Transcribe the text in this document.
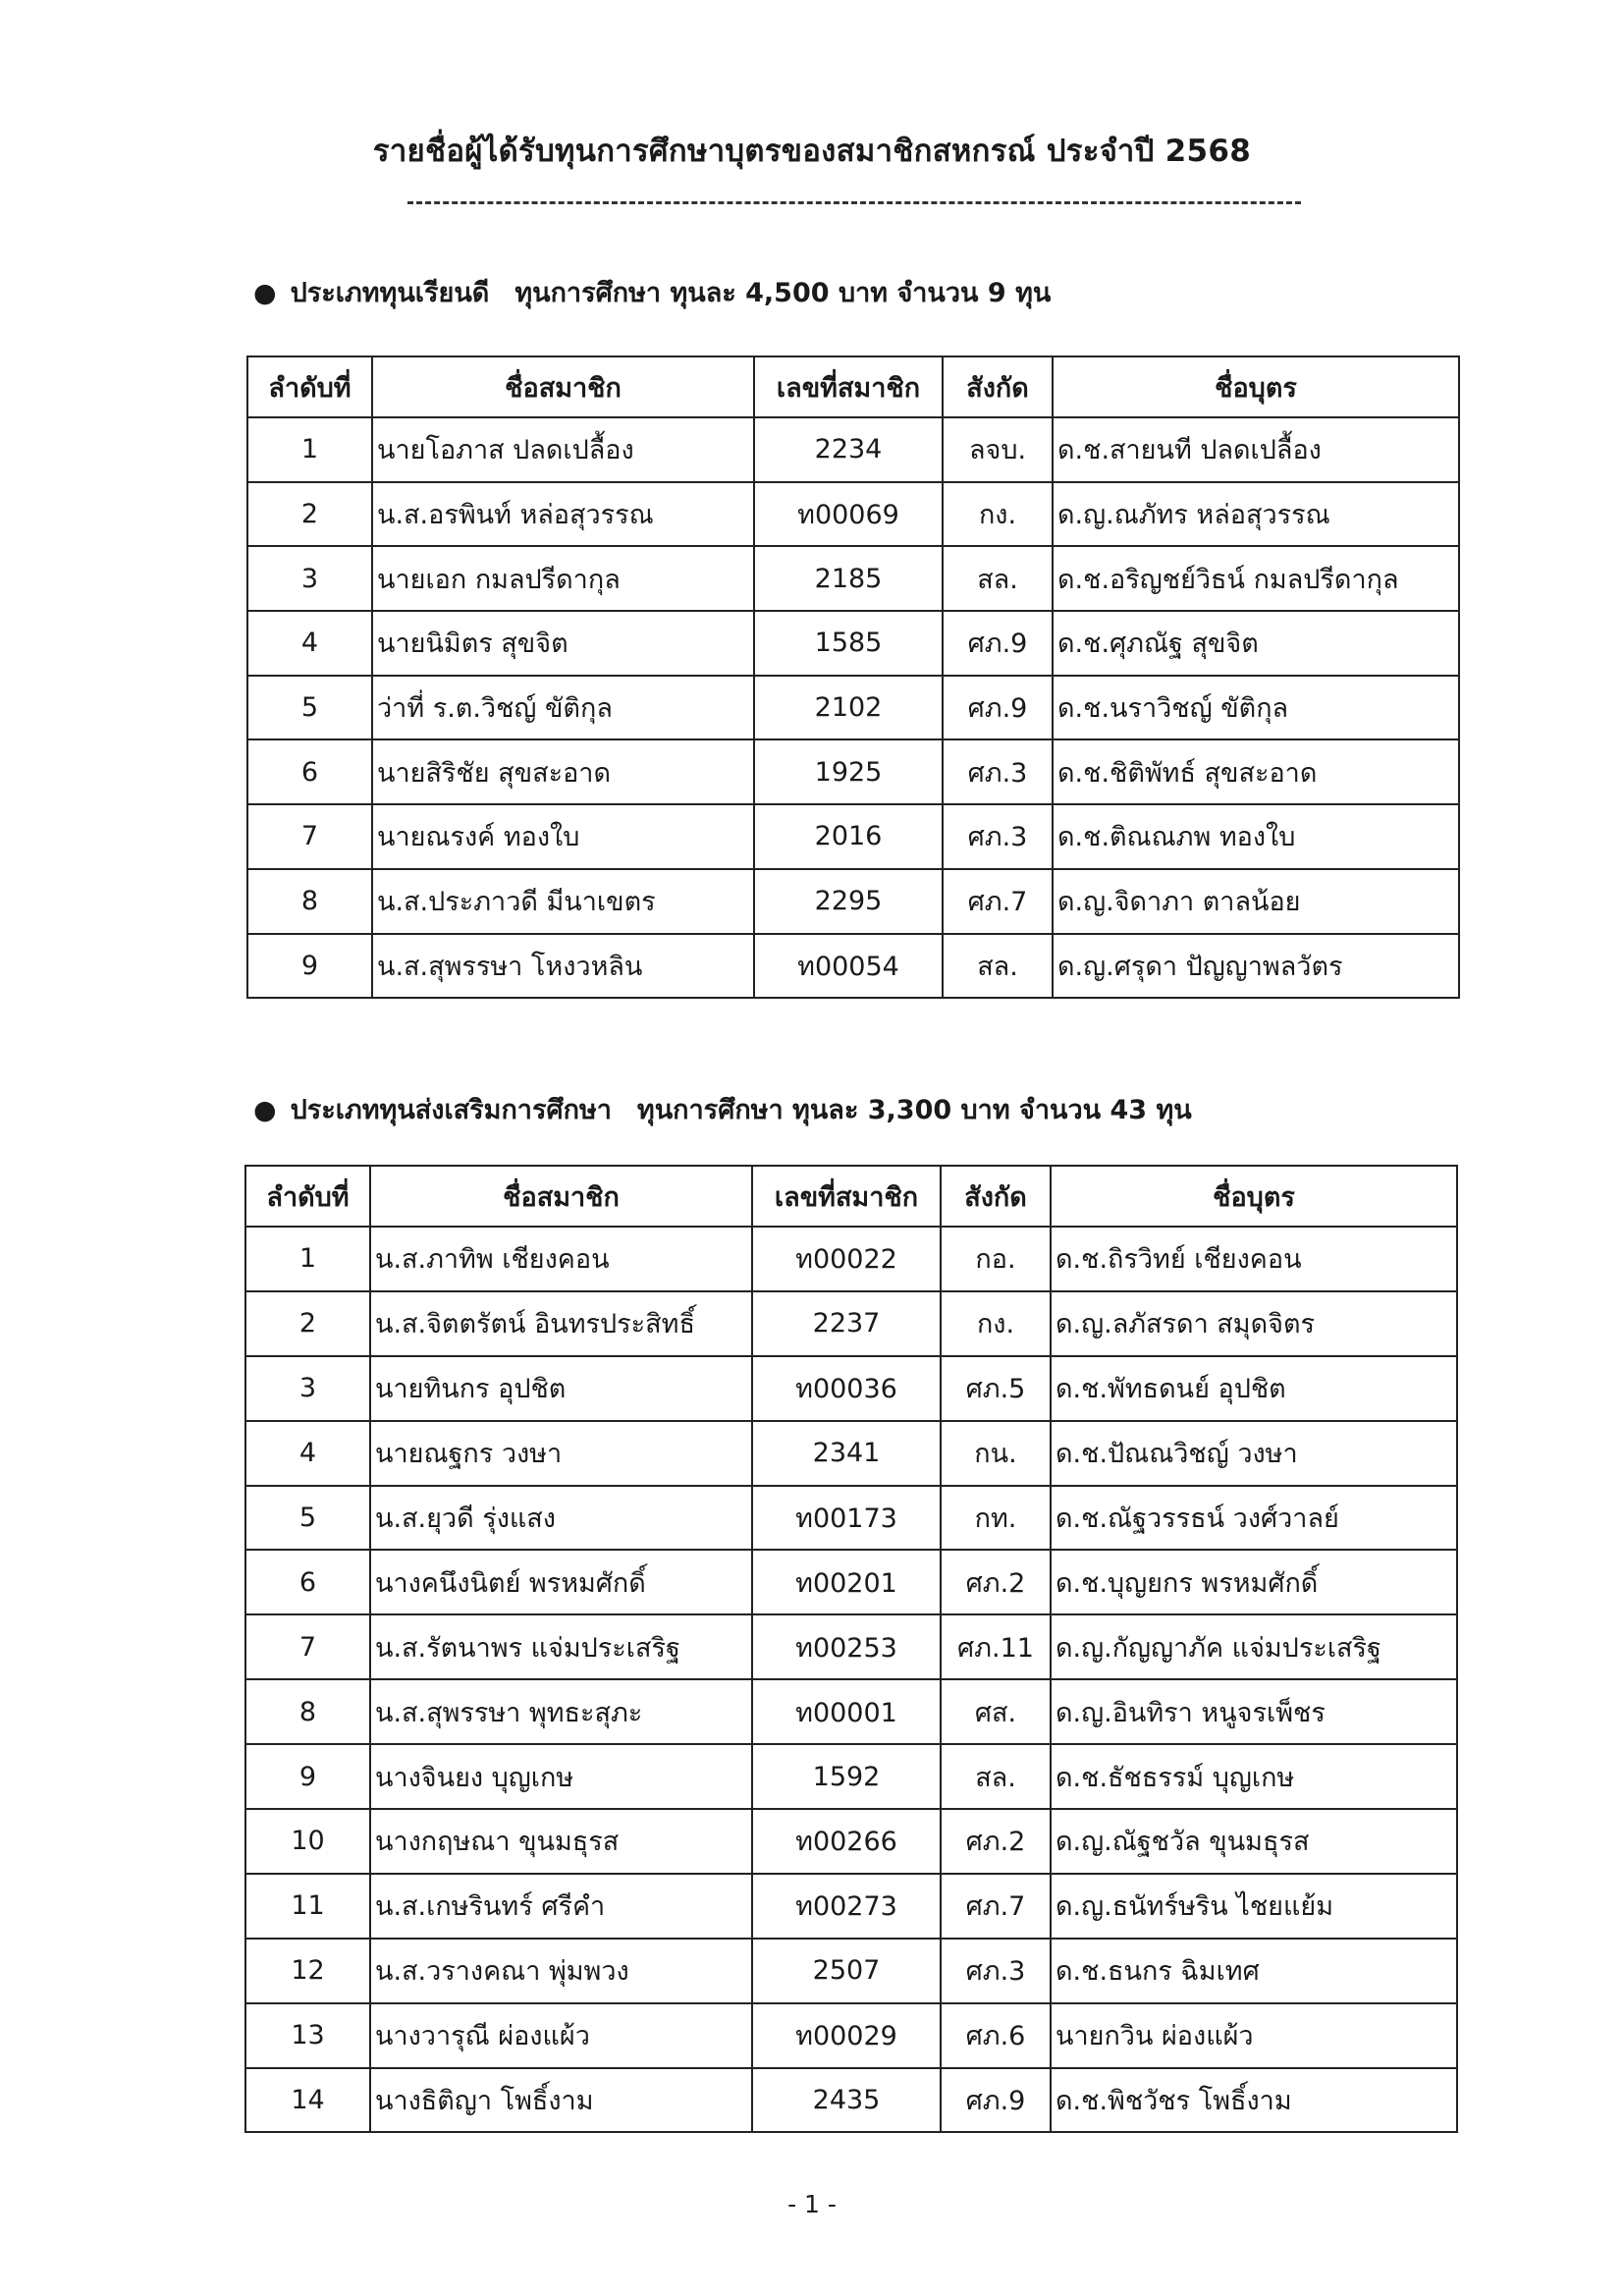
รายชื่อผู้ได้รับทุนการศึกษาบุตรของสมาชิกสหกรณ์ ประจำปี 2568
● ประเภททุนเรียนดี ทุนการศึกษา ทุนละ 4,500 บาท จำนวน 9 ทุน
ลำดับที่	ชื่อสมาชิก	เลขที่สมาชิก	สังกัด	ชื่อบุตร
1	นายโอภาส ปลดเปลื้อง	2234	ลจบ.	ด.ช.สายนที ปลดเปลื้อง
2	น.ส.อรพินท์ หล่อสุวรรณ	ท00069	กง.	ด.ญ.ณภัทร หล่อสุวรรณ
3	นายเอก กมลปรีดากุล	2185	สล.	ด.ช.อริญชย์วิธน์ กมลปรีดากุล
4	นายนิมิตร สุขจิต	1585	ศภ.9	ด.ช.ศุภณัฐ สุขจิต
5	ว่าที่ ร.ต.วิชญ์ ขัติกุล	2102	ศภ.9	ด.ช.นราวิชญ์ ขัติกุล
6	นายสิริชัย สุขสะอาด	1925	ศภ.3	ด.ช.ชิติพัทธ์ สุขสะอาด
7	นายณรงค์ ทองใบ	2016	ศภ.3	ด.ช.ติณณภพ ทองใบ
8	น.ส.ประภาวดี มีนาเขตร	2295	ศภ.7	ด.ญ.จิดาภา ตาลน้อย
9	น.ส.สุพรรษา โหงวหลิน	ท00054	สล.	ด.ญ.ศรุดา ปัญญาพลวัตร
● ประเภททุนส่งเสริมการศึกษา ทุนการศึกษา ทุนละ 3,300 บาท จำนวน 43 ทุน
ลำดับที่	ชื่อสมาชิก	เลขที่สมาชิก	สังกัด	ชื่อบุตร
1	น.ส.ภาทิพ เชียงคอน	ท00022	กอ.	ด.ช.ถิรวิทย์ เชียงคอน
2	น.ส.จิตตรัตน์ อินทรประสิทธิ์	2237	กง.	ด.ญ.ลภัสรดา สมุดจิตร
3	นายทินกร อุปชิต	ท00036	ศภ.5	ด.ช.พัทธดนย์ อุปชิต
4	นายณฐกร วงษา	2341	กน.	ด.ช.ปัณณวิชญ์ วงษา
5	น.ส.ยุวดี รุ่งแสง	ท00173	กท.	ด.ช.ณัฐวรรธน์ วงศ์วาลย์
6	นางคนึงนิตย์ พรหมศักดิ์	ท00201	ศภ.2	ด.ช.บุญยกร พรหมศักดิ์
7	น.ส.รัตนาพร แจ่มประเสริฐ	ท00253	ศภ.11	ด.ญ.กัญญาภัค แจ่มประเสริฐ
8	น.ส.สุพรรษา พุทธะสุภะ	ท00001	ศส.	ด.ญ.อินทิรา หนูจรเพ็ชร
9	นางจินยง บุญเกษ	1592	สล.	ด.ช.ธัชธรรม์ บุญเกษ
10	นางกฤษณา ขุนมธุรส	ท00266	ศภ.2	ด.ญ.ณัฐชวัล ขุนมธุรส
11	น.ส.เกษรินทร์ ศรีคำ	ท00273	ศภ.7	ด.ญ.ธนัทร์ษริน ไชยแย้ม
12	น.ส.วรางคณา พุ่มพวง	2507	ศภ.3	ด.ช.ธนกร ฉิมเทศ
13	นางวารุณี ผ่องแผ้ว	ท00029	ศภ.6	นายกวิน ผ่องแผ้ว
14	นางธิติญา โพธิ์งาม	2435	ศภ.9	ด.ช.พิชวัชร โพธิ์งาม
- 1 -
